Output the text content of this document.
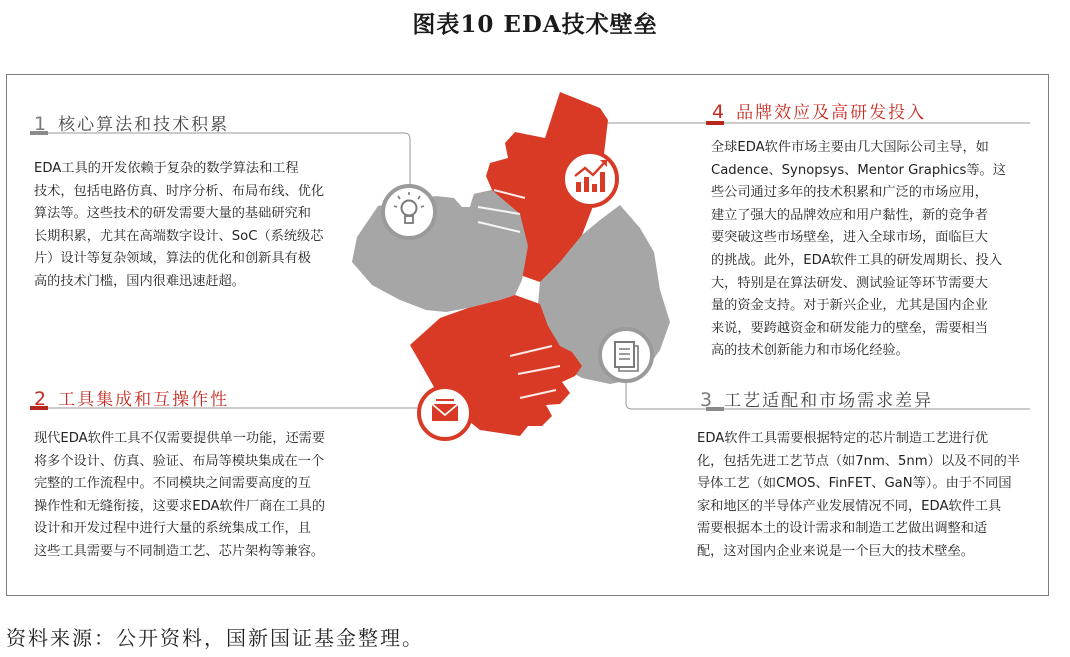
图表10 EDA技术壁垒
1 核心算法和技术积累
EDA工具的开发依赖于复杂的数学算法和工程
技术，包括电路仿真、时序分析、布局布线、优化
算法等。这些技术的研发需要大量的基础研究和
长期积累，尤其在高端数字设计、SoC（系统级芯
片）设计等复杂领域，算法的优化和创新具有极
高的技术门槛，国内很难迅速赶超。
2 工具集成和互操作性
现代EDA软件工具不仅需要提供单一功能，还需要
将多个设计、仿真、验证、布局等模块集成在一个
完整的工作流程中。不同模块之间需要高度的互
操作性和无缝衔接，这要求EDA软件厂商在工具的
设计和开发过程中进行大量的系统集成工作，且
这些工具需要与不同制造工艺、芯片架构等兼容。
3 工艺适配和市场需求差异
EDA软件工具需要根据特定的芯片制造工艺进行优
化，包括先进工艺节点（如7nm、5nm）以及不同的半
导体工艺（如CMOS、FinFET、GaN等）。由于不同国
家和地区的半导体产业发展情况不同，EDA软件工具
需要根据本土的设计需求和制造工艺做出调整和适
配，这对国内企业来说是一个巨大的技术壁垒。
4 品牌效应及高研发投入
全球EDA软件市场主要由几大国际公司主导，如
Cadence、Synopsys、Mentor Graphics等。这
些公司通过多年的技术积累和广泛的市场应用，
建立了强大的品牌效应和用户黏性，新的竞争者
要突破这些市场壁垒，进入全球市场，面临巨大
的挑战。此外，EDA软件工具的研发周期长、投入
大，特别是在算法研发、测试验证等环节需要大
量的资金支持。对于新兴企业，尤其是国内企业
来说，要跨越资金和研发能力的壁垒，需要相当
高的技术创新能力和市场化经验。
资料来源：公开资料，国新国证基金整理。
